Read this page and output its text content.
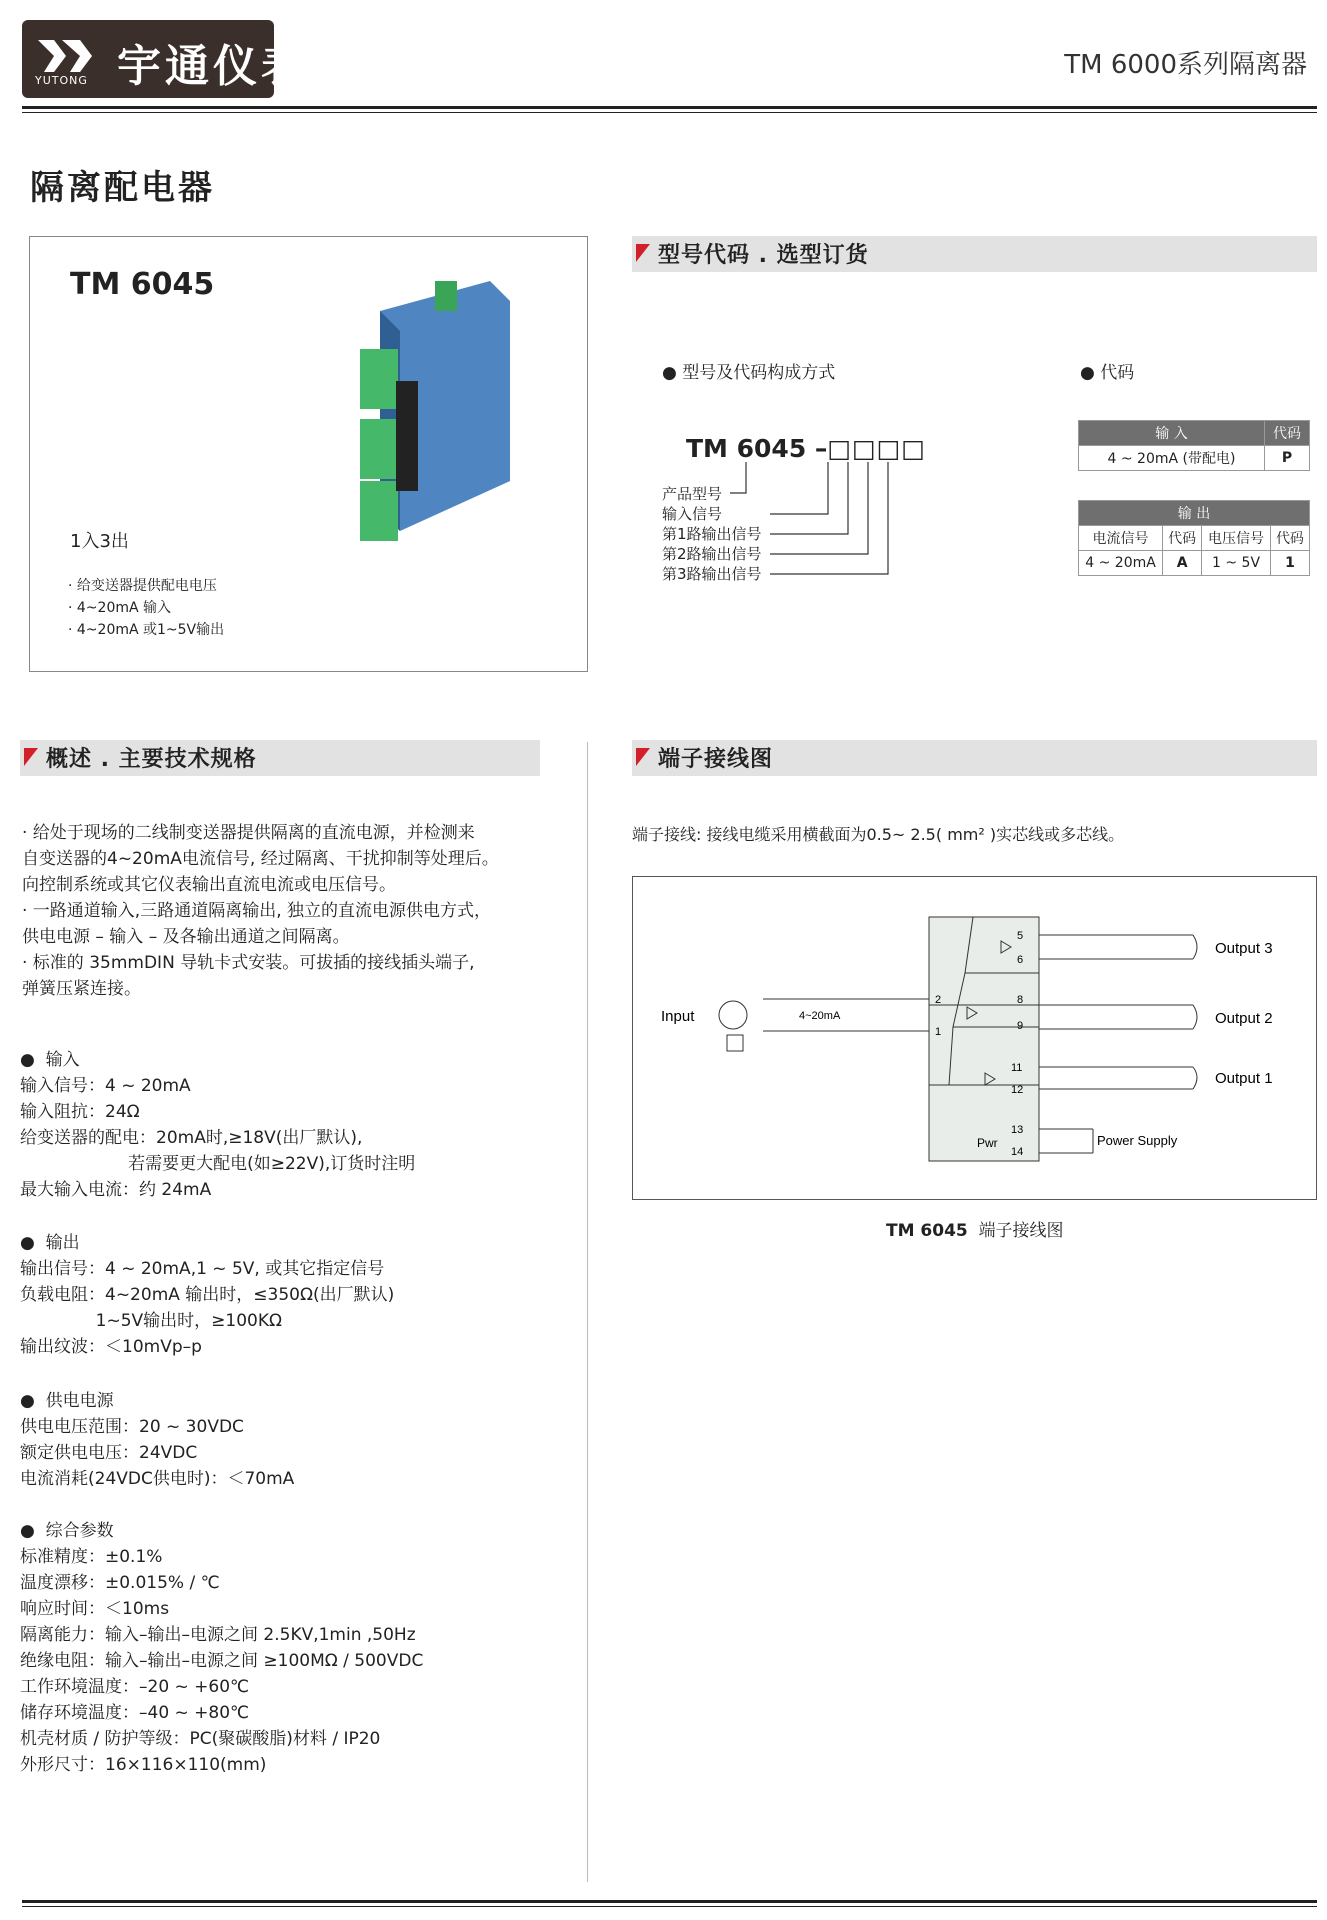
宇通仪表
YUTONG
TM 6000系列隔离器
隔离配电器
TM 6045
1入3出
· 给变送器提供配电电压
· 4~20mA 输入
· 4~20mA 或1~5V输出
型号代码 . 选型订货
● 型号及代码构成方式	● 代码
TM 6045 –□□□□
产品型号
输入信号
第1路输出信号
第2路输出信号
第3路输出信号
输 入	代码
4 ~ 20mA (带配电)	P
输 出			
电流信号	代码	电压信号	代码
4 ~ 20mA	A	1 ~ 5V	1
概述 . 主要技术规格
· 给处于现场的二线制变送器提供隔离的直流电源，并检测来
自变送器的4~20mA电流信号, 经过隔离、干扰抑制等处理后。
向控制系统或其它仪表输出直流电流或电压信号。
· 一路通道输入,三路通道隔离输出, 独立的直流电源供电方式，
供电电源 – 输入 – 及各输出通道之间隔离。
· 标准的 35mmDIN 导轨卡式安装。可拔插的接线插头端子,
弹簧压紧连接。
●  输入
输入信号：4 ~ 20mA
输入阻抗：24Ω
给变送器的配电：20mA时,≥18V(出厂默认),
若需要更大配电(如≥22V),订货时注明
最大输入电流：约 24mA
●  输出
输出信号：4 ~ 20mA,1 ~ 5V, 或其它指定信号
负载电阻：4~20mA 输出时，≤350Ω(出厂默认)
1~5V输出时，≥100KΩ
输出纹波：＜10mVp–p
●  供电电源
供电电压范围：20 ~ 30VDC
额定供电电压：24VDC
电流消耗(24VDC供电时)：＜70mA
●  综合参数
标准精度：±0.1%
温度漂移：±0.015% / ℃
响应时间：＜10ms
隔离能力：输入–输出–电源之间 2.5KV,1min ,50Hz
绝缘电阻：输入–输出–电源之间 ≥100MΩ / 500VDC
工作环境温度：–20 ~ +60℃
储存环境温度：–40 ~ +80℃
机壳材质 / 防护等级：PC(聚碳酸脂)材料 / IP20
外形尺寸：16×116×110(mm)
端子接线图
端子接线: 接线电缆采用横截面为0.5~ 2.5( mm² )实芯线或多芯线。
Input	4~20mA
5
6
8
9
11
12
13
14
2
1
Output 3
Output 2
Output 1
Power Supply
Pwr
TM 6045 端子接线图
